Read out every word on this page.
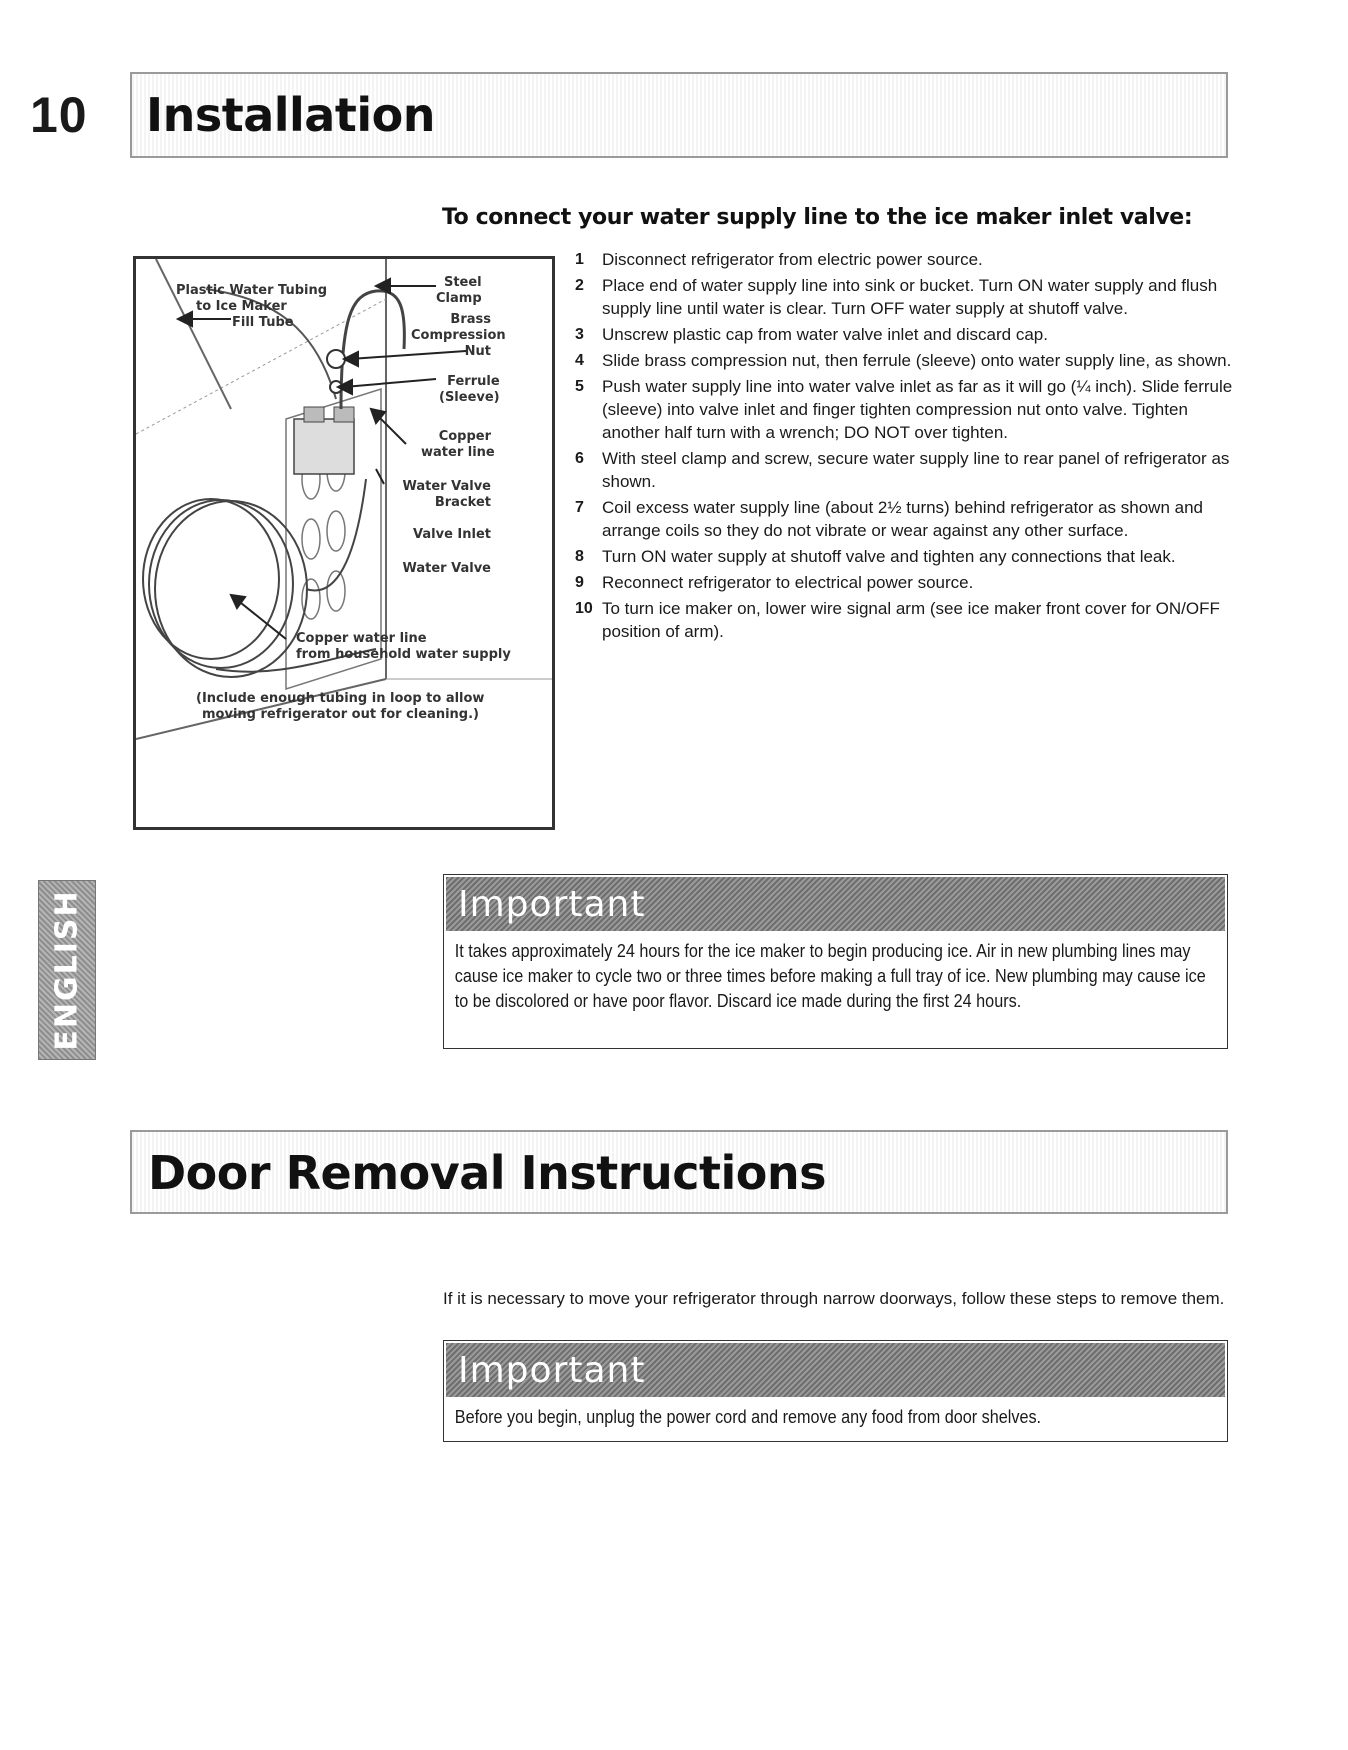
10 Installation
To connect your water supply line to the ice maker inlet valve:
Plastic Water Tubing
to Ice Maker
Fill Tube
Steel
Clamp
Brass
Compression
Nut
Ferrule
(Sleeve)
Copper
water line
Water Valve
Bracket
Valve Inlet
Water Valve
Copper water line
from household water supply
(Include enough tubing in loop to allow
moving refrigerator out for cleaning.)
1 Disconnect refrigerator from electric power source.
2 Place end of water supply line into sink or bucket. Turn ON water supply and flush supply line until water is clear. Turn OFF water supply at shutoff valve.
3 Unscrew plastic cap from water valve inlet and discard cap.
4 Slide brass compression nut, then ferrule (sleeve) onto water supply line, as shown.
5 Push water supply line into water valve inlet as far as it will go (¼ inch). Slide ferrule (sleeve) into valve inlet and finger tighten compression nut onto valve. Tighten another half turn with a wrench; DO NOT over tighten.
6 With steel clamp and screw, secure water supply line to rear panel of refrigerator as shown.
7 Coil excess water supply line (about 2½ turns) behind refrigerator as shown and arrange coils so they do not vibrate or wear against any other surface.
8 Turn ON water supply at shutoff valve and tighten any connections that leak.
9 Reconnect refrigerator to electrical power source.
10 To turn ice maker on, lower wire signal arm (see ice maker front cover for ON/OFF position of arm).
ENGLISH	Important
It takes approximately 24 hours for the ice maker to begin producing ice. Air in new plumbing lines may cause ice maker to cycle two or three times before making a full tray of ice. New plumbing may cause ice to be discolored or have poor flavor. Discard ice made during the first 24 hours.
Door Removal Instructions
If it is necessary to move your refrigerator through narrow doorways, follow these steps to remove them.
Important
Before you begin, unplug the power cord and remove any food from door shelves.
